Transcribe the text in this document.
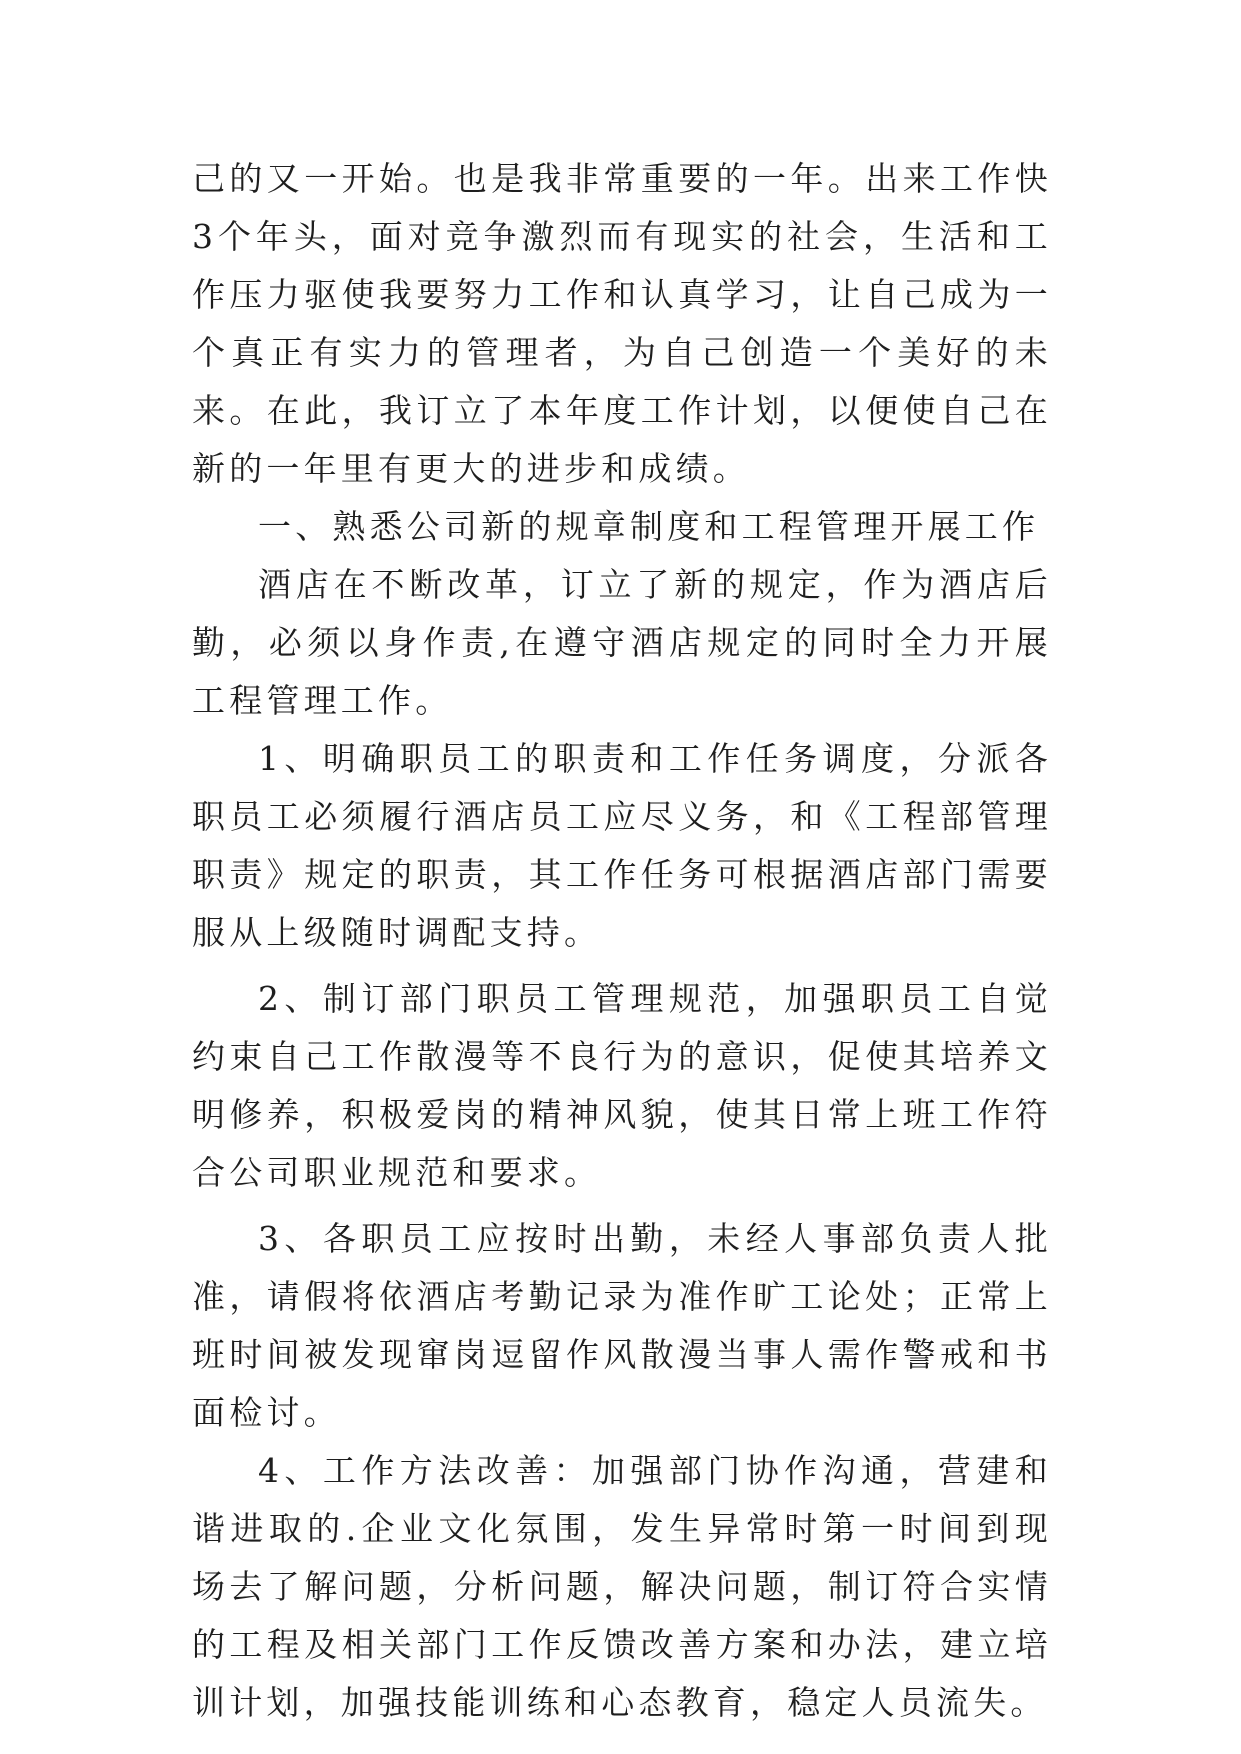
己的又一开始。也是我非常重要的一年。出来工作快3个年头，面对竞争激烈而有现实的社会，生活和工作压力驱使我要努力工作和认真学习，让自己成为一个真正有实力的管理者，为自己创造一个美好的未来。在此，我订立了本年度工作计划，以便使自己在新的一年里有更大的进步和成绩。

一、熟悉公司新的规章制度和工程管理开展工作

酒店在不断改革，订立了新的规定，作为酒店后勤，必须以身作责,在遵守酒店规定的同时全力开展工程管理工作。

1、明确职员工的职责和工作任务调度，分派各职员工必须履行酒店员工应尽义务，和《工程部管理职责》规定的职责，其工作任务可根据酒店部门需要服从上级随时调配支持。

2、制订部门职员工管理规范，加强职员工自觉约束自己工作散漫等不良行为的意识，促使其培养文明修养，积极爱岗的精神风貌，使其日常上班工作符合公司职业规范和要求。

3、各职员工应按时出勤，未经人事部负责人批准，请假将依酒店考勤记录为准作旷工论处；正常上班时间被发现窜岗逗留作风散漫当事人需作警戒和书面检讨。

4、工作方法改善：加强部门协作沟通，营建和谐进取的.企业文化氛围，发生异常时第一时间到现场去了解问题，分析问题，解决问题，制订符合实情的工程及相关部门工作反馈改善方案和办法，建立培训计划，加强技能训练和心态教育，稳定人员流失。
